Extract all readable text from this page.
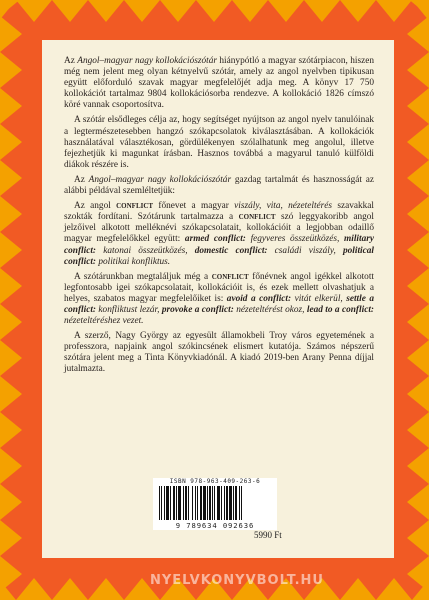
Az Angol–magyar nagy kollokációszótár hiánypótló a magyar szótárpiacon, hiszen még nem jelent meg olyan kétnyelvű szótár, amely az angol nyelvben tipikusan együtt előforduló szavak magyar megfelelőjét adja meg. A könyv 17 750 kollokációt tartalmaz 9804 kollokációsorba rendezve. A kollokáció 1826 címszó köré vannak csoportosítva.

A szótár elsődleges célja az, hogy segítséget nyújtson az angol nyelv tanulóinak a legtermészetesebben hangzó szókapcsolatok kiválasztásában. A kollokációk használatával választékosan, gördülékenyen szólalhatunk meg angolul, illetve fejezhetjük ki magunkat írásban. Hasznos továbbá a magyarul tanuló külföldi diákok részére is.

Az Angol–magyar nagy kollokációszótár gazdag tartalmát és hasznosságát az alábbi példával szemléltetjük:

Az angol conflict főnevet a magyar viszály, vita, nézeteltérés szavakkal szokták fordítani. Szótárunk tartalmazza a conflict szó leggyakoribb angol jelzőivel alkotott melléknévi szókapcsolatait, kollokációit a legjobban odaillő magyar megfelelőkkel együtt: armed conflict: fegyveres összeütközés, military conflict: katonai összeütközés, domestic conflict: családi viszály, political conflict: politikai konfliktus.

A szótárunkban megtaláljuk még a conflict főnévnek angol igékkel alkotott legfontosabb igei szókapcsolatait, kollokációit is, és ezek mellett olvashatjuk a helyes, szabatos magyar megfelelőiket is: avoid a conflict: vitát elkerül, settle a conflict: konfliktust lezár, provoke a conflict: nézeteltérést okoz, lead to a conflict: nézeteltéréshez vezet.

A szerző, Nagy György az egyesült államokbeli Troy város egyetemének a professzora, napjaink angol szókincsének elismert kutatója. Számos népszerű szótára jelent meg a Tinta Könyvkiadónál. A kiadó 2019-ben Arany Penna díjjal jutalmazta.

ISBN 978-963-409-263-6
9 789634 092636
5990 Ft
NYELVKONYVBOLT.HU
